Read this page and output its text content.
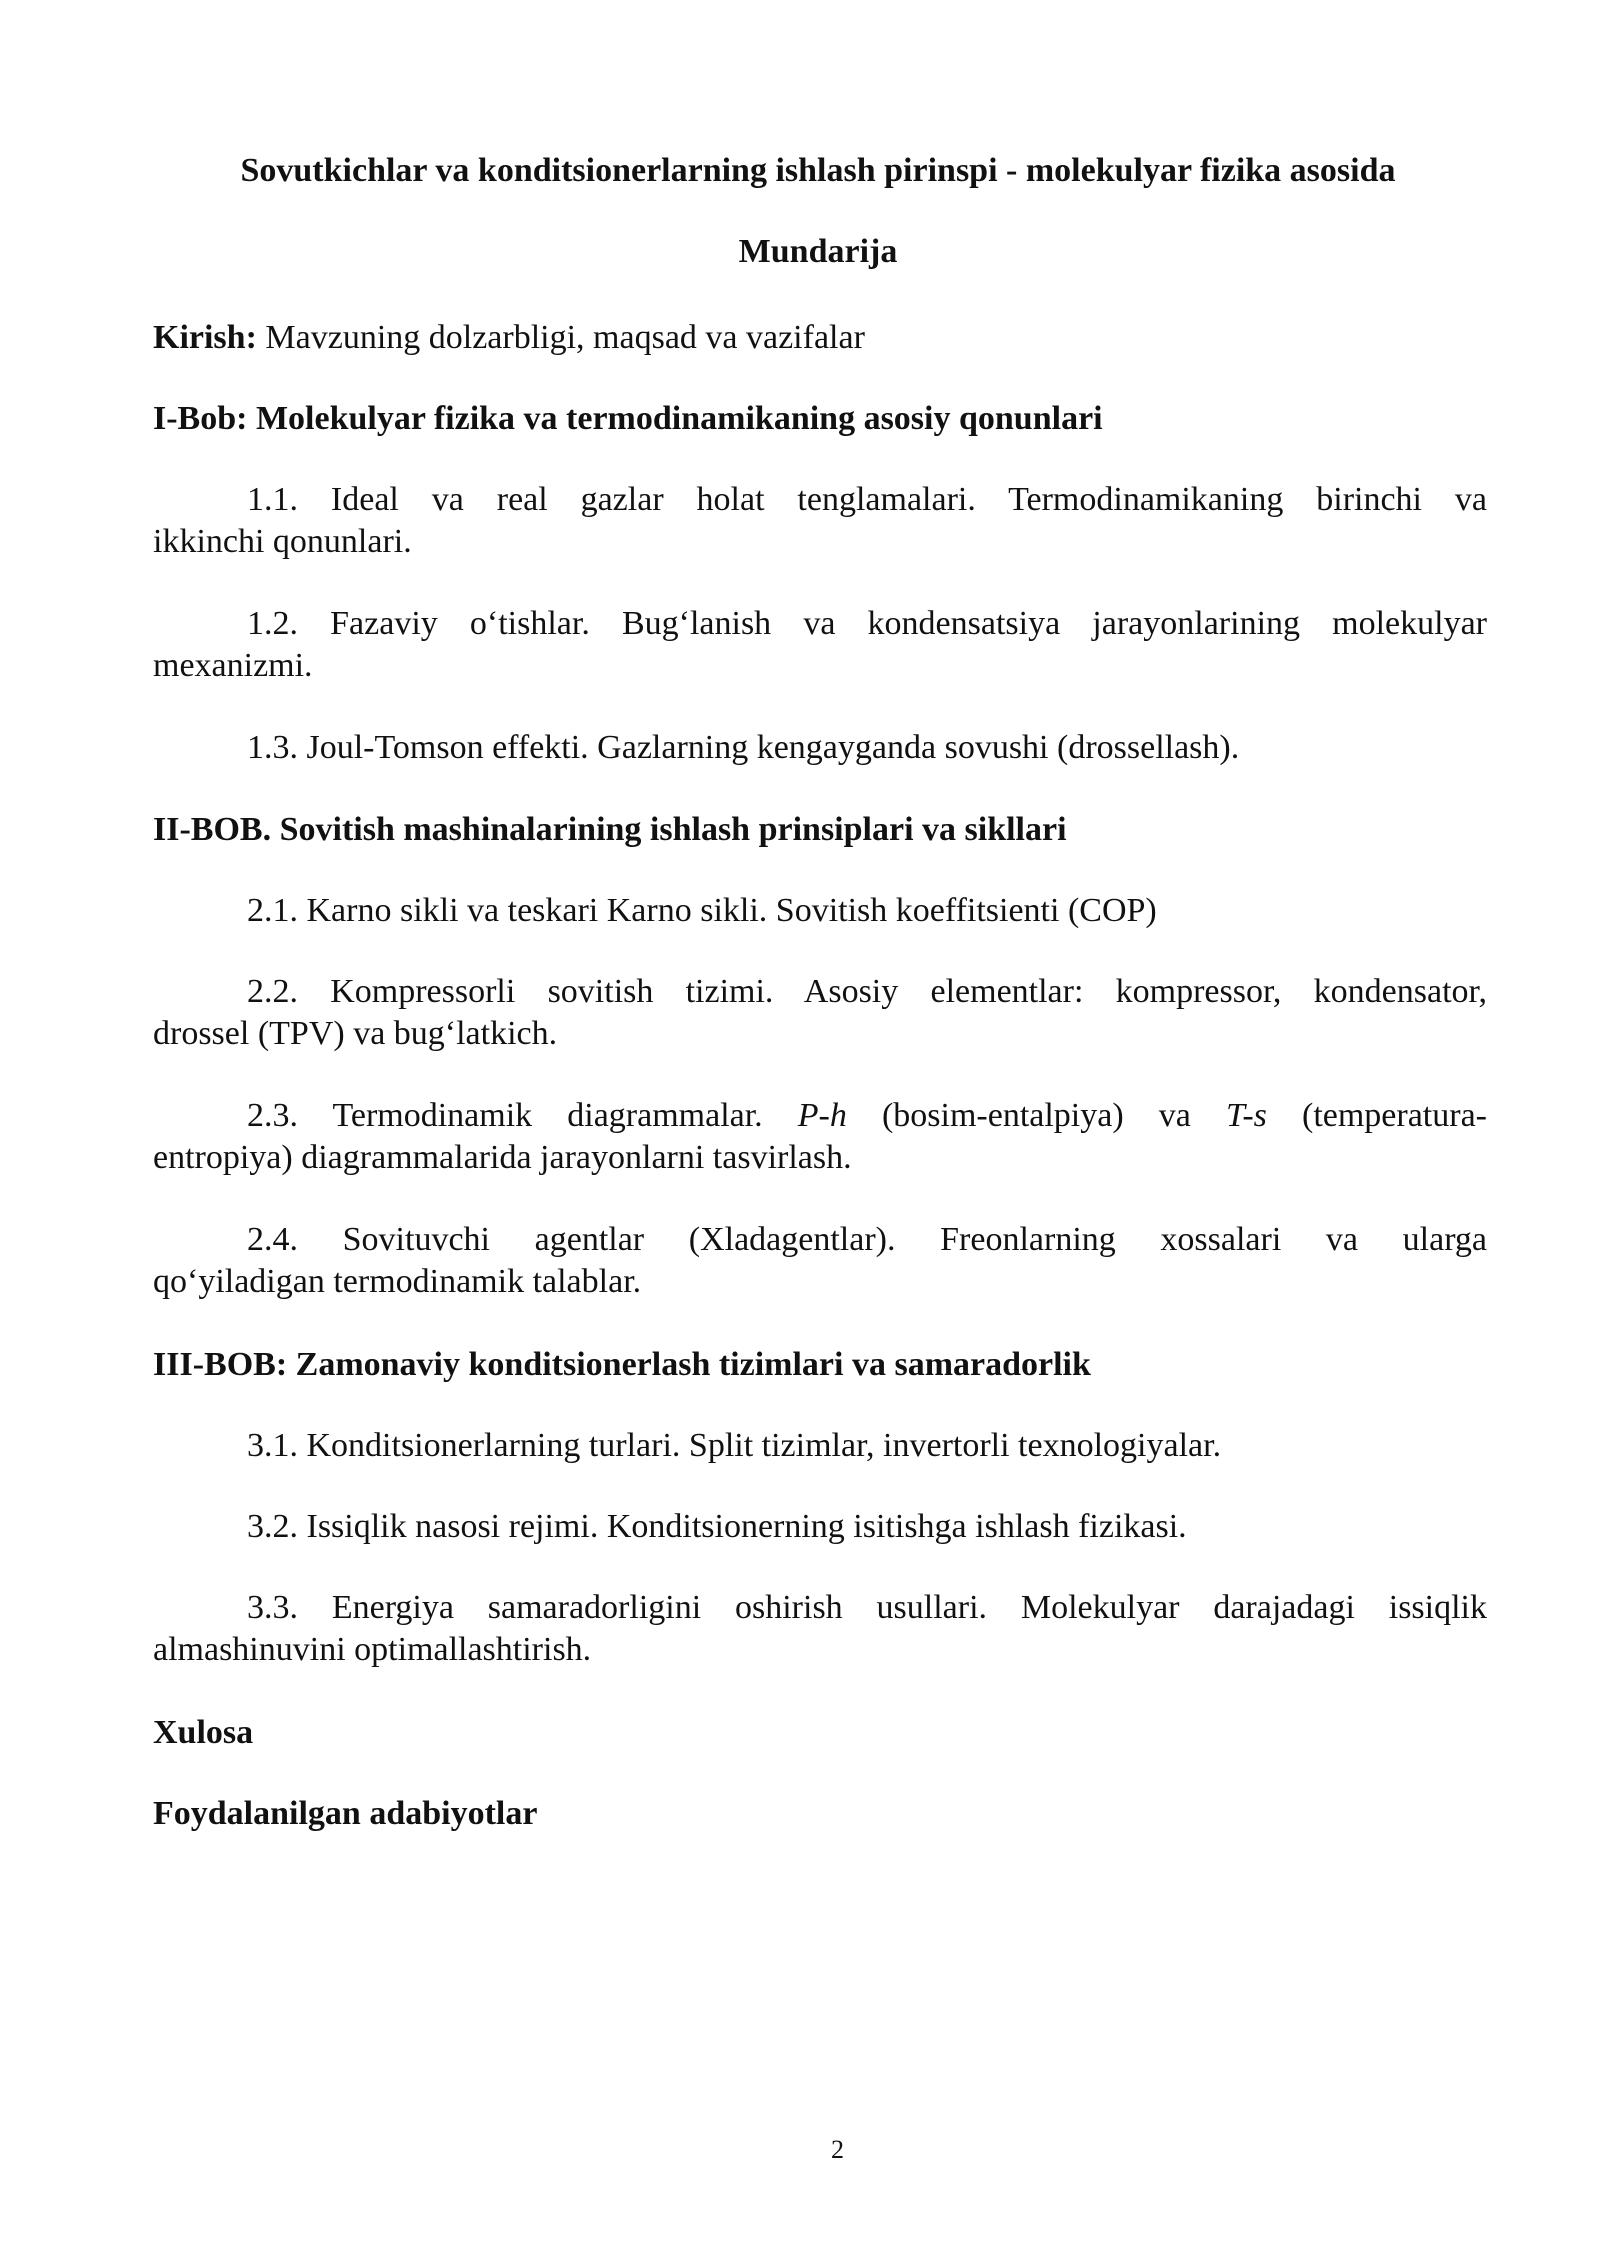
Sovutkichlar va konditsionerlarning ishlash pirinspi - molekulyar fizika asosida
Mundarija
Kirish: Mavzuning dolzarbligi, maqsad va vazifalar
I-Bob: Molekulyar fizika va termodinamikaning asosiy qonunlari
1.1. Ideal va real gazlar holat tenglamalari. Termodinamikaning birinchi va
ikkinchi qonunlari.
1.2. Fazaviy o‘tishlar. Bug‘lanish va kondensatsiya jarayonlarining molekulyar
mexanizmi.
1.3. Joul-Tomson effekti. Gazlarning kengayganda sovushi (drossellash).
II-BOB. Sovitish mashinalarining ishlash prinsiplari va sikllari
2.1. Karno sikli va teskari Karno sikli. Sovitish koeffitsienti (COP)
2.2. Kompressorli sovitish tizimi. Asosiy elementlar: kompressor, kondensator,
drossel (TPV) va bug‘latkich.
2.3. Termodinamik diagrammalar. P-h (bosim-entalpiya) va T-s (temperatura-
entropiya) diagrammalarida jarayonlarni tasvirlash.
2.4. Sovituvchi agentlar (Xladagentlar). Freonlarning xossalari va ularga
qo‘yiladigan termodinamik talablar.
III-BOB: Zamonaviy konditsionerlash tizimlari va samaradorlik
3.1. Konditsionerlarning turlari. Split tizimlar, invertorli texnologiyalar.
3.2. Issiqlik nasosi rejimi. Konditsionerning isitishga ishlash fizikasi.
3.3. Energiya samaradorligini oshirish usullari. Molekulyar darajadagi issiqlik
almashinuvini optimallashtirish.
Xulosa
Foydalanilgan adabiyotlar
2
